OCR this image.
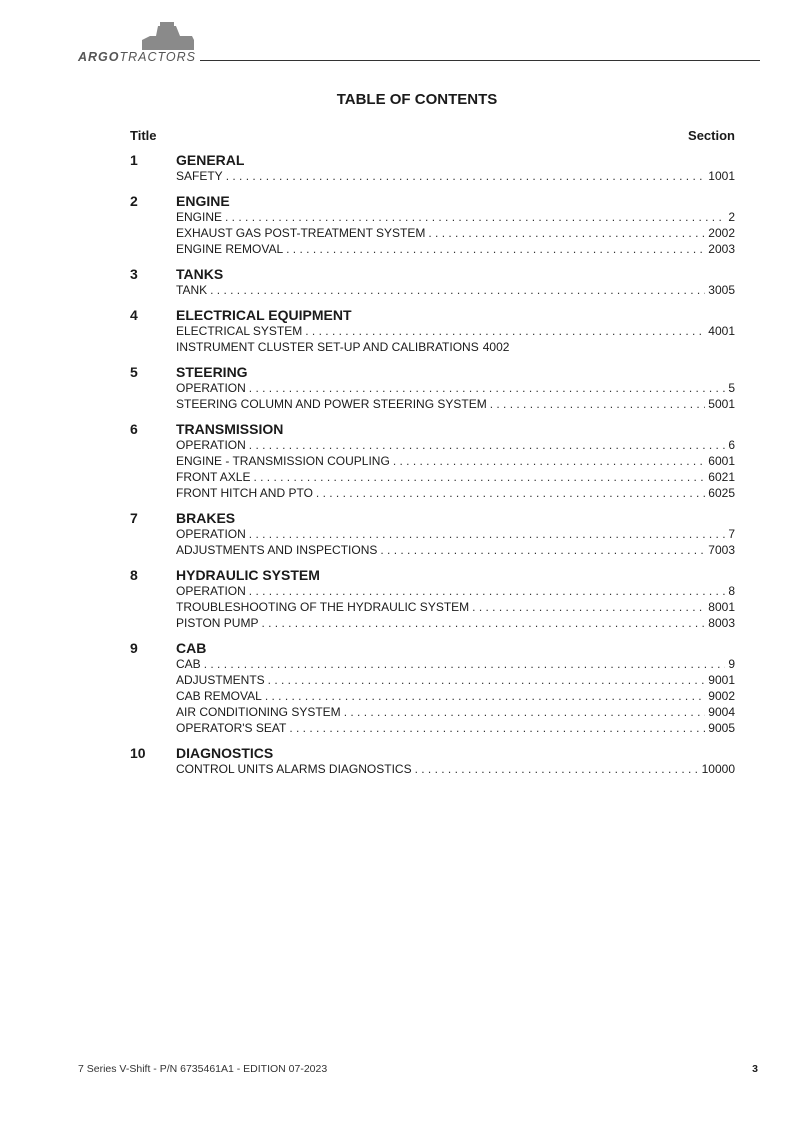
ARGOTRACTORS
TABLE OF CONTENTS
Title	Section
1	GENERAL
SAFETY . . .	1001
2	ENGINE
ENGINE . . .	2
EXHAUST GAS POST-TREATMENT SYSTEM . . .	2002
ENGINE REMOVAL . . .	2003
3	TANKS
TANK . . .	3005
4	ELECTRICAL EQUIPMENT
ELECTRICAL SYSTEM . . .	4001
INSTRUMENT CLUSTER SET-UP AND CALIBRATIONS 4002
5	STEERING
OPERATION . . .	5
STEERING COLUMN AND POWER STEERING SYSTEM . . .	5001
6	TRANSMISSION
OPERATION . . .	6
ENGINE - TRANSMISSION COUPLING . . .	6001
FRONT AXLE . . .	6021
FRONT HITCH AND PTO . . .	6025
7	BRAKES
OPERATION . . .	7
ADJUSTMENTS AND INSPECTIONS . . .	7003
8	HYDRAULIC SYSTEM
OPERATION . . .	8
TROUBLESHOOTING OF THE HYDRAULIC SYSTEM . . .	8001
PISTON PUMP . . .	8003
9	CAB
CAB . . .	9
ADJUSTMENTS . . .	9001
CAB REMOVAL . . .	9002
AIR CONDITIONING SYSTEM . . .	9004
OPERATOR'S SEAT . . .	9005
10	DIAGNOSTICS
CONTROL UNITS ALARMS DIAGNOSTICS . . .	10000
7 Series V-Shift - P/N 6735461A1 - EDITION 07-2023	3
